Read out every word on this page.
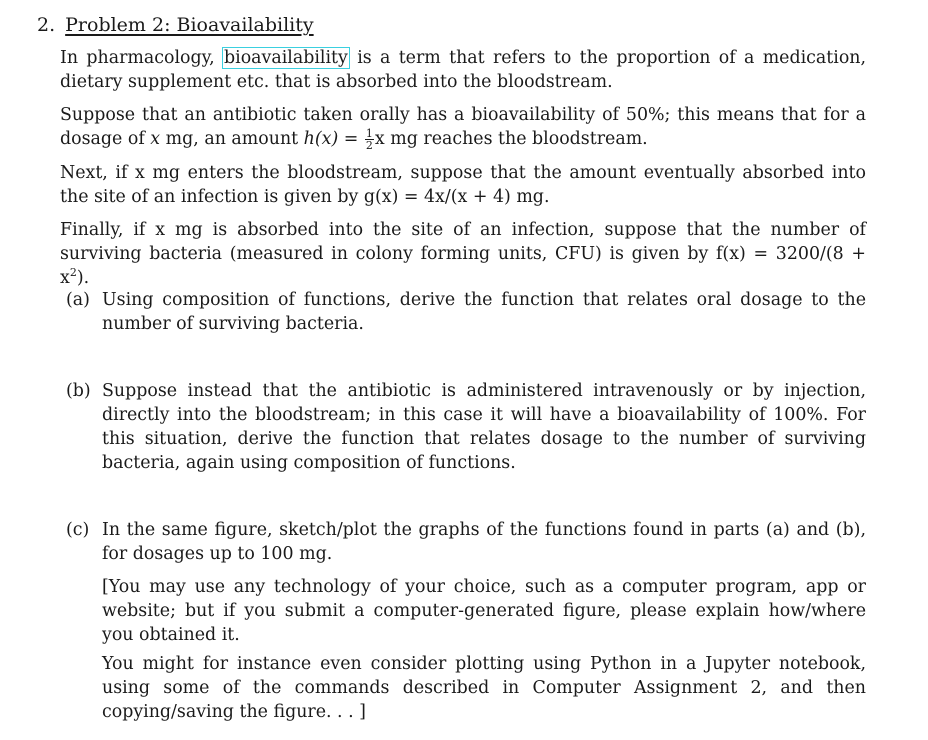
2. Problem 2: Bioavailability
In pharmacology, bioavailability is a term that refers to the proportion of a medication, dietary supplement etc. that is absorbed into the bloodstream.
Suppose that an antibiotic taken orally has a bioavailability of 50%; this means that for a dosage of x mg, an amount $h(x) = \frac{1}{2}$ x mg reaches the bloodstream.
Next, if x mg enters the bloodstream, suppose that the amount eventually absorbed into the site of an infection is given by g(x) = 4x/(x + 4) mg.
Finally, if x mg is absorbed into the site of an infection, suppose that the number of surviving bacteria (measured in colony forming units, CFU) is given by $f(x) = 3200/(8 + x^2)$.
(a) Using composition of functions, derive the function that relates oral dosage to the number of surviving bacteria.
(b) Suppose instead that the antibiotic is administered intravenously or by injection, directly into the bloodstream; in this case it will have a bioavailability of 100%. For this situation, derive the function that relates dosage to the number of surviving bacteria, again using composition of functions.
(c) In the same figure, sketch/plot the graphs of the functions found in parts (a) and (b), for dosages up to 100 mg.
[You may use any technology of your choice, such as a computer program, app or website; but if you submit a computer-generated figure, please explain how/where you obtained it.
You might for instance even consider plotting using Python in a Jupyter notebook, using some of the commands described in Computer Assignment 2, and then copying/saving the figure. . . ]
